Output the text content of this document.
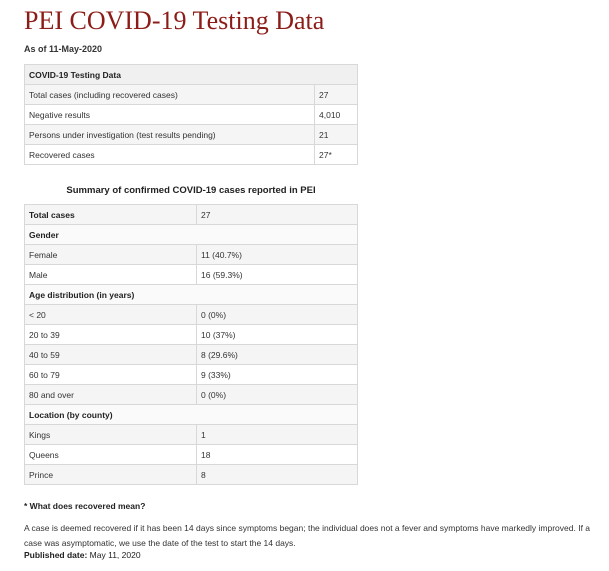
PEI COVID-19 Testing Data
As of 11-May-2020
COVID-19 Testing Data	
Total cases (including recovered cases)	27
Negative results	4,010
Persons under investigation (test results pending)	21
Recovered cases	27*
Summary of confirmed COVID-19 cases reported in PEI
Total cases	27
Gender	
Female	11 (40.7%)
Male	16 (59.3%)
Age distribution (in years)	
< 20	0 (0%)
20 to 39	10 (37%)
40 to 59	8 (29.6%)
60 to 79	9 (33%)
80 and over	0 (0%)
Location (by county)	
Kings	1
Queens	18
Prince	8
* What does recovered mean?
A case is deemed recovered if it has been 14 days since symptoms began; the individual does not a fever and symptoms have markedly improved. If a case was asymptomatic, we use the date of the test to start the 14 days.
Published date: May 11, 2020
